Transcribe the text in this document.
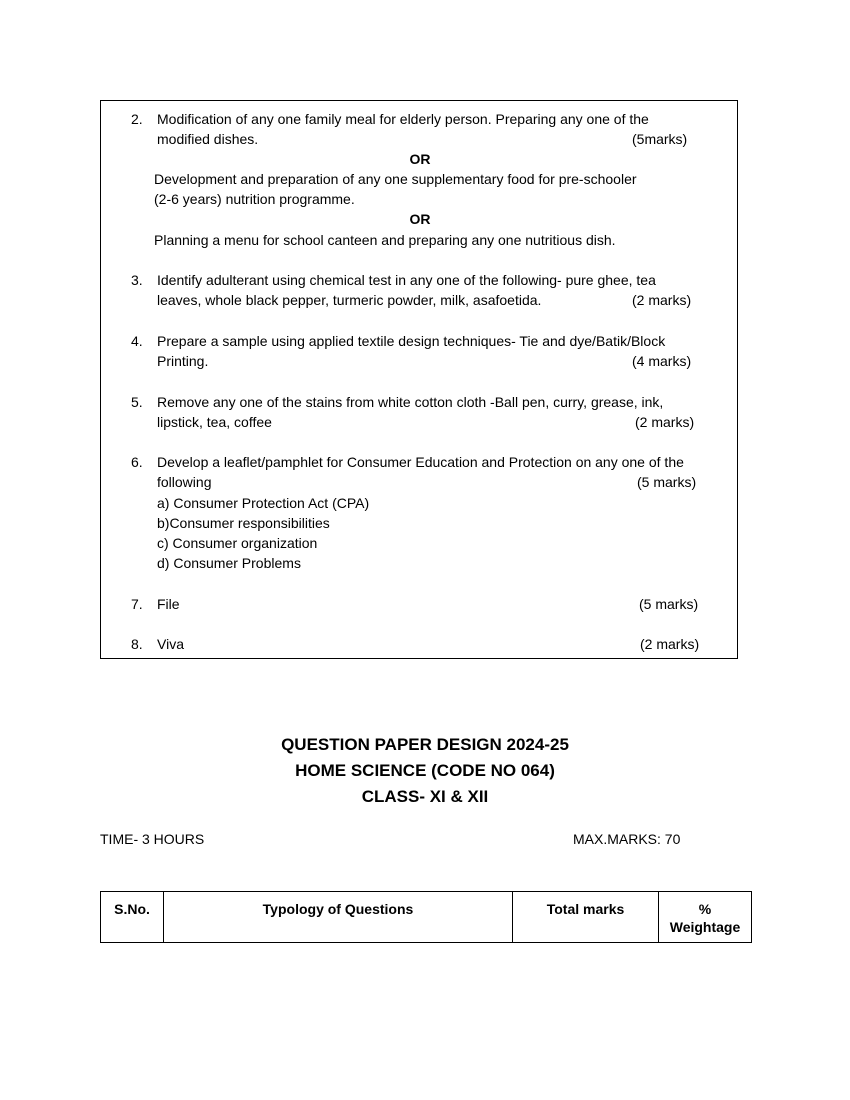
2. Modification of any one family meal for elderly person. Preparing any one of the
modified dishes.	(5marks)
OR
Development and preparation of any one supplementary food for pre-schooler
(2-6 years) nutrition programme.
OR
Planning a menu for school canteen and preparing any one nutritious dish.
3. Identify adulterant using chemical test in any one of the following- pure ghee, tea
leaves, whole black pepper, turmeric powder, milk, asafoetida.	(2 marks)
4. Prepare a sample using applied textile design techniques- Tie and dye/Batik/Block
Printing.	(4 marks)
5. Remove any one of the stains from white cotton cloth -Ball pen, curry, grease, ink,
lipstick, tea, coffee	(2 marks)
6. Develop a leaflet/pamphlet for Consumer Education and Protection on any one of the
following	(5 marks)
a) Consumer Protection Act (CPA)
b)Consumer responsibilities
c) Consumer organization
d) Consumer Problems
7. File	(5 marks)
8. Viva	(2 marks)
QUESTION PAPER DESIGN 2024-25
HOME SCIENCE (CODE NO 064)
CLASS- XI & XII
TIME- 3 HOURS	MAX.MARKS: 70
S.No.	Typology of Questions	Total marks	%
Weightage
